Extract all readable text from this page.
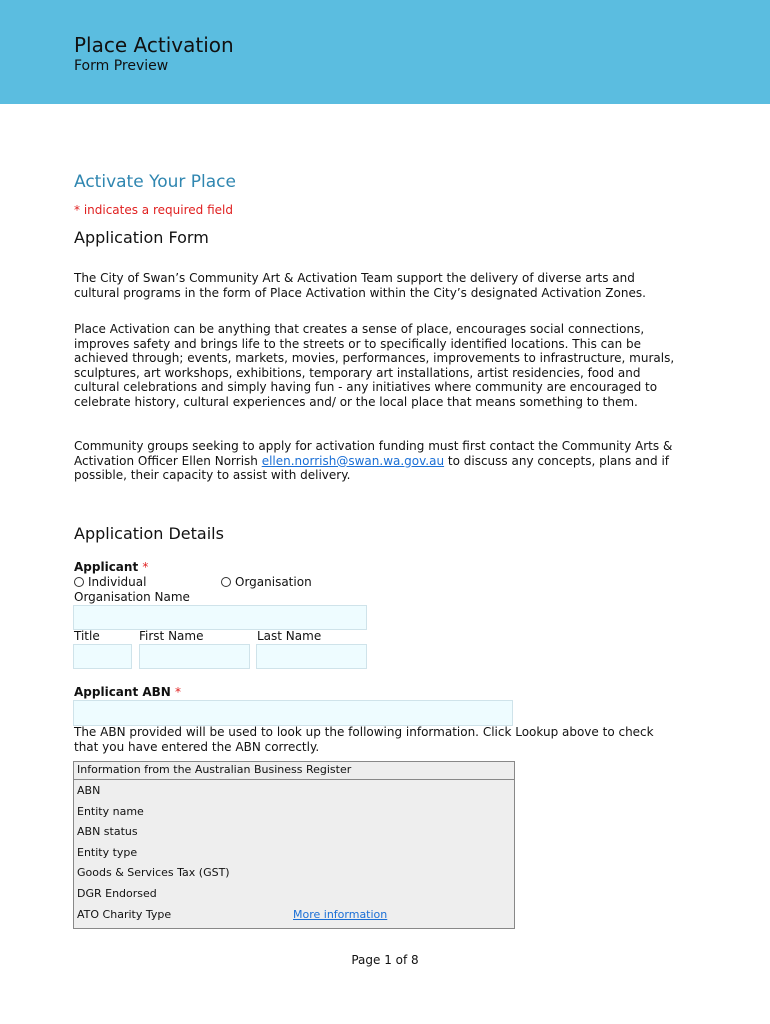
Place Activation
Form Preview
Activate Your Place
* indicates a required field
Application Form
The City of Swan’s Community Art & Activation Team support the delivery of diverse arts and cultural programs in the form of Place Activation within the City’s designated Activation Zones.
Place Activation can be anything that creates a sense of place, encourages social connections, improves safety and brings life to the streets or to specifically identified locations. This can be achieved through; events, markets, movies, performances, improvements to infrastructure, murals, sculptures, art workshops, exhibitions, temporary art installations, artist residencies, food and cultural celebrations and simply having fun - any initiatives where community are encouraged to celebrate history, cultural experiences and/ or the local place that means something to them.
Community groups seeking to apply for activation funding must first contact the Community Arts & Activation Officer Ellen Norrish ellen.norrish@swan.wa.gov.au to discuss any concepts, plans and if possible, their capacity to assist with delivery.
Application Details
Applicant *
Individual	Organisation
Organisation Name
Title	First Name	Last Name
Applicant ABN *
The ABN provided will be used to look up the following information. Click Lookup above to check that you have entered the ABN correctly.
Information from the Australian Business Register
ABN
Entity name
ABN status
Entity type
Goods & Services Tax (GST)
DGR Endorsed
ATO Charity Type	More information
Page 1 of 8
